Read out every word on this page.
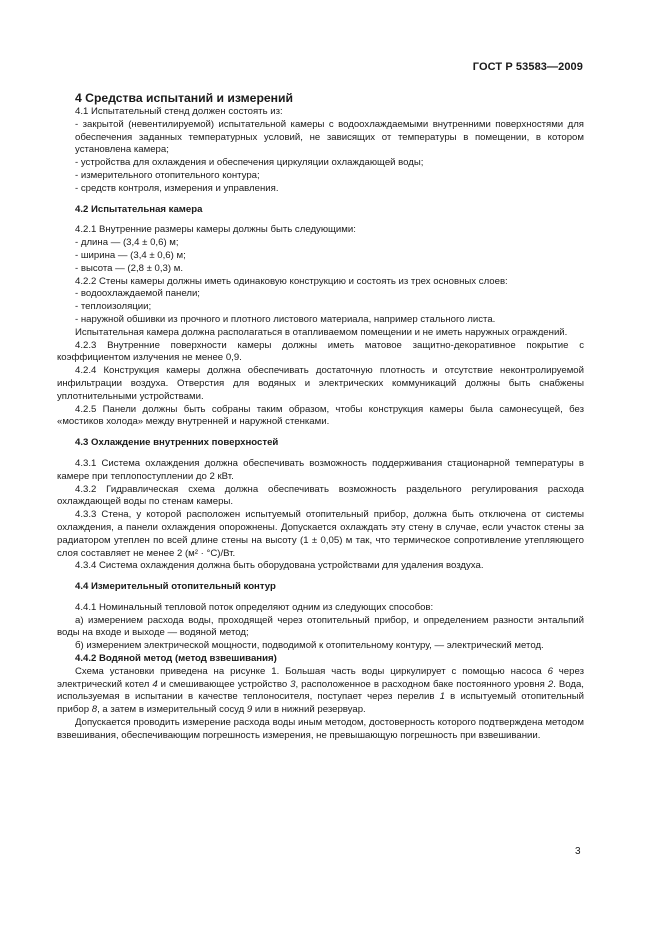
ГОСТ Р 53583—2009

4 Средства испытаний и измерений

4.1 Испытательный стенд должен состоять из:

- закрытой (невентилируемой) испытательной камеры с водоохлаждаемыми внутренними поверхностями для обеспечения заданных температурных условий, не зависящих от температуры в помещении, в котором установлена камера;

- устройства для охлаждения и обеспечения циркуляции охлаждающей воды;

- измерительного отопительного контура;

- средств контроля, измерения и управления.

4.2 Испытательная камера

4.2.1 Внутренние размеры камеры должны быть следующими:

- длина — (3,4 ± 0,6) м;

- ширина — (3,4 ± 0,6) м;

- высота — (2,8 ± 0,3) м.

4.2.2 Стены камеры должны иметь одинаковую конструкцию и состоять из трех основных слоев:

- водоохлаждаемой панели;

- теплоизоляции;

- наружной обшивки из прочного и плотного листового материала, например стального листа.

Испытательная камера должна располагаться в отапливаемом помещении и не иметь наружных ограждений.

4.2.3 Внутренние поверхности камеры должны иметь матовое защитно-декоративное покрытие с коэффициентом излучения не менее 0,9.

4.2.4 Конструкция камеры должна обеспечивать достаточную плотность и отсутствие неконтролируемой инфильтрации воздуха. Отверстия для водяных и электрических коммуникаций должны быть снабжены уплотнительными устройствами.

4.2.5 Панели должны быть собраны таким образом, чтобы конструкция камеры была самонесущей, без «мостиков холода» между внутренней и наружной стенками.

4.3 Охлаждение внутренних поверхностей

4.3.1 Система охлаждения должна обеспечивать возможность поддерживания стационарной температуры в камере при теплопоступлении до 2 кВт.

4.3.2 Гидравлическая схема должна обеспечивать возможность раздельного регулирования расхода охлаждающей воды по стенам камеры.

4.3.3 Стена, у которой расположен испытуемый отопительный прибор, должна быть отключена от системы охлаждения, а панели охлаждения опорожнены. Допускается охлаждать эту стену в случае, если участок стены за радиатором утеплен по всей длине стены на высоту (1 ± 0,05) м так, что термическое сопротивление утепляющего слоя составляет не менее 2 (м² · °С)/Вт.

4.3.4 Система охлаждения должна быть оборудована устройствами для удаления воздуха.

4.4 Измерительный отопительный контур

4.4.1 Номинальный тепловой поток определяют одним из следующих способов:

а) измерением расхода воды, проходящей через отопительный прибор, и определением разности энтальпий воды на входе и выходе — водяной метод;

б) измерением электрической мощности, подводимой к отопительному контуру, — электрический метод.

4.4.2 Водяной метод (метод взвешивания)

Схема установки приведена на рисунке 1. Большая часть воды циркулирует с помощью насоса 6 через электрический котел 4 и смешивающее устройство 3, расположенное в расходном баке постоянного уровня 2. Вода, используемая в испытании в качестве теплоносителя, поступает через перелив 1 в испытуемый отопительный прибор 8, а затем в измерительный сосуд 9 или в нижний резервуар.

Допускается проводить измерение расхода воды иным методом, достоверность которого подтверждена методом взвешивания, обеспечивающим погрешность измерения, не превышающую погрешность при взвешивании.

3
